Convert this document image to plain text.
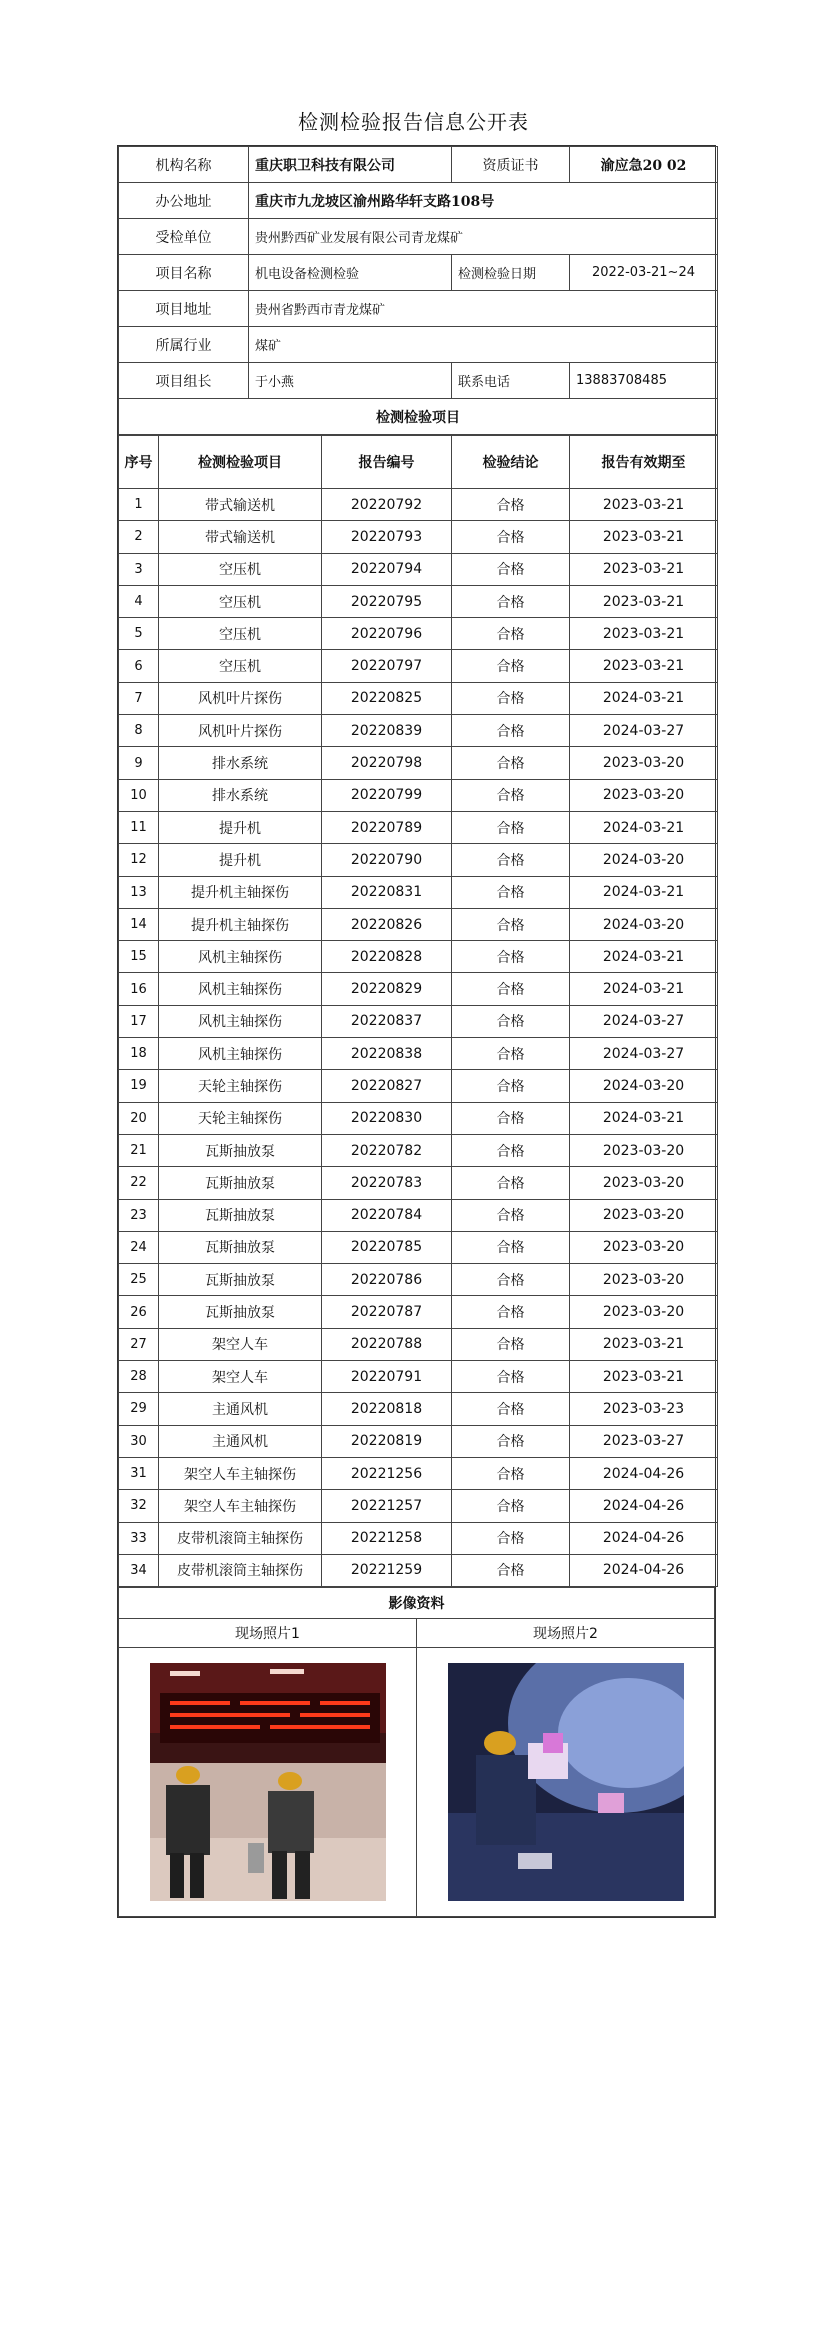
检测检验报告信息公开表
机构名称	重庆职卫科技有限公司	资质证书	渝应急20 02
办公地址	重庆市九龙坡区渝州路华轩支路108号		
受检单位	贵州黔西矿业发展有限公司青龙煤矿		
项目名称	机电设备检测检验	检测检验日期	2022-03-21~24
项目地址	贵州省黔西市青龙煤矿		
所属行业	煤矿		
项目组长	于小燕	联系电话	13883708485
检测检验项目			
序号	检测检验项目	报告编号	检验结论	报告有效期至
1	带式输送机	20220792	合格	2023-03-21
2	带式输送机	20220793	合格	2023-03-21
3	空压机	20220794	合格	2023-03-21
4	空压机	20220795	合格	2023-03-21
5	空压机	20220796	合格	2023-03-21
6	空压机	20220797	合格	2023-03-21
7	风机叶片探伤	20220825	合格	2024-03-21
8	风机叶片探伤	20220839	合格	2024-03-27
9	排水系统	20220798	合格	2023-03-20
10	排水系统	20220799	合格	2023-03-20
11	提升机	20220789	合格	2024-03-21
12	提升机	20220790	合格	2024-03-20
13	提升机主轴探伤	20220831	合格	2024-03-21
14	提升机主轴探伤	20220826	合格	2024-03-20
15	风机主轴探伤	20220828	合格	2024-03-21
16	风机主轴探伤	20220829	合格	2024-03-21
17	风机主轴探伤	20220837	合格	2024-03-27
18	风机主轴探伤	20220838	合格	2024-03-27
19	天轮主轴探伤	20220827	合格	2024-03-20
20	天轮主轴探伤	20220830	合格	2024-03-21
21	瓦斯抽放泵	20220782	合格	2023-03-20
22	瓦斯抽放泵	20220783	合格	2023-03-20
23	瓦斯抽放泵	20220784	合格	2023-03-20
24	瓦斯抽放泵	20220785	合格	2023-03-20
25	瓦斯抽放泵	20220786	合格	2023-03-20
26	瓦斯抽放泵	20220787	合格	2023-03-20
27	架空人车	20220788	合格	2023-03-21
28	架空人车	20220791	合格	2023-03-21
29	主通风机	20220818	合格	2023-03-23
30	主通风机	20220819	合格	2023-03-27
31	架空人车主轴探伤	20221256	合格	2024-04-26
32	架空人车主轴探伤	20221257	合格	2024-04-26
33	皮带机滚筒主轴探伤	20221258	合格	2024-04-26
34	皮带机滚筒主轴探伤	20221259	合格	2024-04-26
影像资料	
现场照片1	现场照片2
